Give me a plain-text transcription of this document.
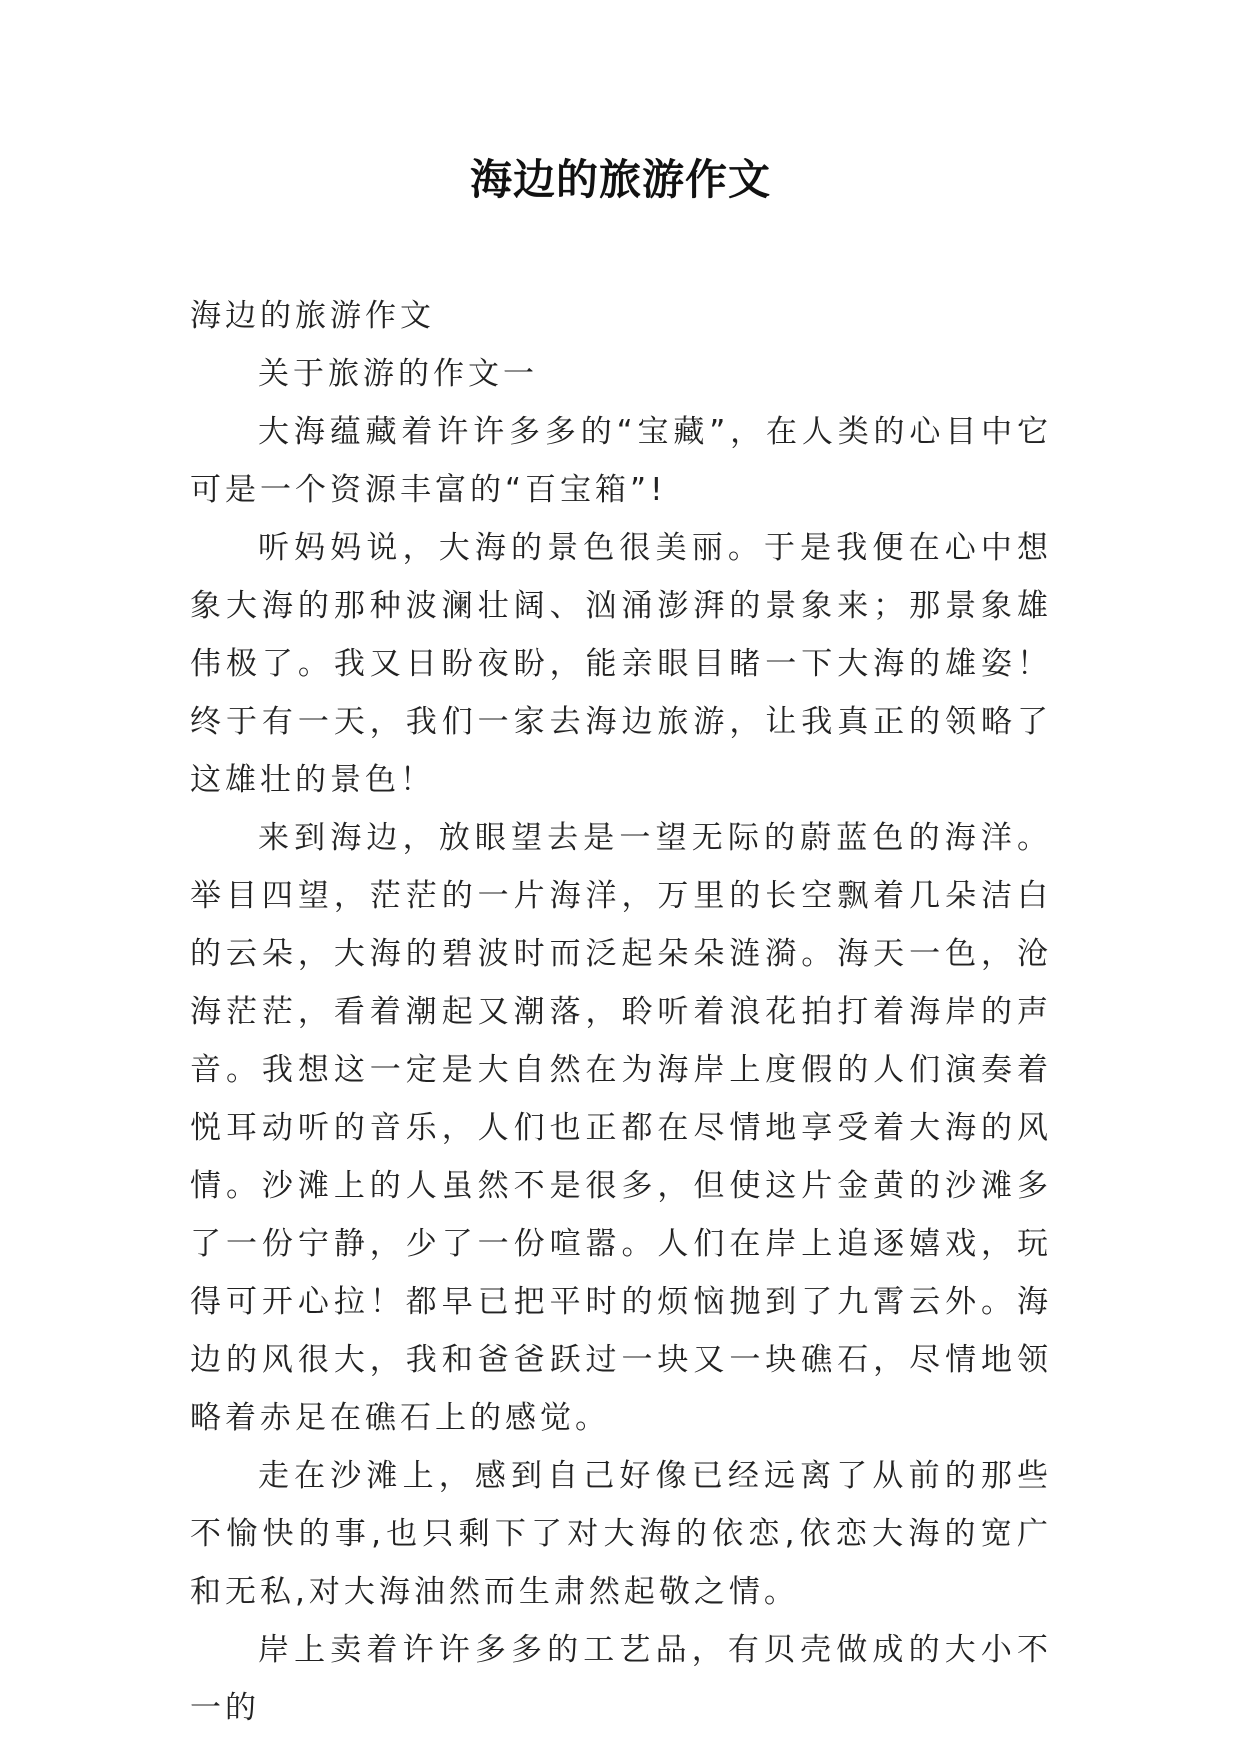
海边的旅游作文

海边的旅游作文

关于旅游的作文一

大海蕴藏着许许多多的“宝藏”，在人类的心目中它可是一个资源丰富的“百宝箱”!

听妈妈说，大海的景色很美丽。于是我便在心中想象大海的那种波澜壮阔、汹涌澎湃的景象来；那景象雄伟极了。我又日盼夜盼，能亲眼目睹一下大海的雄姿！终于有一天，我们一家去海边旅游，让我真正的领略了这雄壮的景色！

来到海边，放眼望去是一望无际的蔚蓝色的海洋。举目四望，茫茫的一片海洋，万里的长空飘着几朵洁白的云朵，大海的碧波时而泛起朵朵涟漪。海天一色，沧海茫茫，看着潮起又潮落，聆听着浪花拍打着海岸的声音。我想这一定是大自然在为海岸上度假的人们演奏着悦耳动听的音乐，人们也正都在尽情地享受着大海的风情。沙滩上的人虽然不是很多，但使这片金黄的沙滩多了一份宁静，少了一份喧嚣。人们在岸上追逐嬉戏，玩得可开心拉！都早已把平时的烦恼抛到了九霄云外。海边的风很大，我和爸爸跃过一块又一块礁石，尽情地领略着赤足在礁石上的感觉。

走在沙滩上，感到自己好像已经远离了从前的那些不愉快的事,也只剩下了对大海的依恋,依恋大海的宽广和无私,对大海油然而生肃然起敬之情。

岸上卖着许许多多的工艺品，有贝壳做成的大小不一的
